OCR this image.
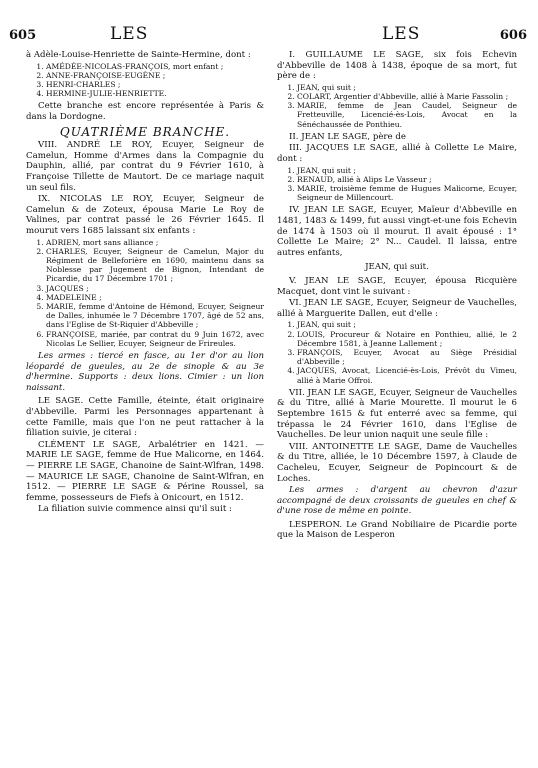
605	LES	LES	606

à Adèle-Louise-Henriette de Sainte-Hermine, dont :

1. AMÉDÉE-NICOLAS-FRANÇOIS, mort enfant ;
2. ANNE-FRANÇOISE-EUGÈNE ;
3. HENRI-CHARLES ;
4. HERMINE-JULIE-HENRIETTE.

Cette branche est encore représentée à Paris & dans la Dordogne.

QUATRIÈME BRANCHE.

VIII. ANDRÉ LE ROY, Ecuyer, Seigneur de Camelun, Homme d'Armes dans la Compagnie du Dauphin, allié, par contrat du 9 Février 1610, à Françoise Tillette de Mautort. De ce mariage naquit un seul fils.

IX. NICOLAS LE ROY, Ecuyer, Seigneur de Camelun & de Zoteux, épousa Marie Le Roy de Valines, par contrat passé le 26 Février 1645. Il mourut vers 1685 laissant six enfants :

1. ADRIEN, mort sans alliance ;
2. CHARLES, Ecuyer, Seigneur de Camelun, Major du Régiment de Belleforière en 1690, maintenu dans sa Noblesse par Jugement de Bignon, Intendant de Picardie, du 17 Décembre 1701 ;
3. JACQUES ;
4. MADELEINE ;
5. MARIE, femme d'Antoine de Hémond, Ecuyer, Seigneur de Dalles, inhumée le 7 Décembre 1707, âgé de 52 ans, dans l'Eglise de St-Riquier d'Abbeville ;
6. FRANÇOISE, mariée, par contrat du 9 Juin 1672, avec Nicolas Le Sellier, Ecuyer, Seigneur de Frireules.

Les armes : tiercé en fasce, au 1er d'or au lion léopardé de gueules, au 2e de sinople & au 3e d'hermine. Supports : deux lions. Cimier : un lion naissant.

LE SAGE. Cette Famille, éteinte, était originaire d'Abbeville. Parmi les Personnages appartenant à cette Famille, mais que l'on ne peut rattacher à la filiation suivie, je citerai :

CLÉMENT LE SAGE, Arbalétrier en 1421. — MARIE LE SAGE, femme de Hue Malicorne, en 1464. — PIERRE LE SAGE, Chanoine de Saint-Wlfran, 1498. — MAURICE LE SAGE, Chanoine de Saint-Wlfran, en 1512. — PIERRE LE SAGE & Périne Roussel, sa femme, possesseurs de Fiefs à Onicourt, en 1512.

La filiation suivie commence ainsi qu'il suit :

I. GUILLAUME LE SAGE, six fois Echevin d'Abbeville de 1408 à 1438, époque de sa mort, fut père de :

1. JEAN, qui suit ;
2. COLART, Argentier d'Abbeville, allié à Marie Fassolin ;
3. MARIE, femme de Jean Caudel, Seigneur de Fretteuville, Licencié-ès-Lois, Avocat en la Sénéchaussée de Ponthieu.

II. JEAN LE SAGE, père de

III. JACQUES LE SAGE, allié à Collette Le Maire, dont :

1. JEAN, qui suit ;
2. RENAUD, allié à Alips Le Vasseur ;
3. MARIE, troisième femme de Hugues Malicorne, Ecuyer, Seigneur de Millencourt.

IV. JEAN LE SAGE, Ecuyer, Maïeur d'Abbeville en 1481, 1483 & 1499, fut aussi vingt-et-une fois Echevin de 1474 à 1503 où il mourut. Il avait épousé : 1° Collette Le Maire; 2° N... Caudel. Il laissa, entre autres enfants,

JEAN, qui suit.

V. JEAN LE SAGE, Ecuyer, épousa Ricquière Macquet, dont vint le suivant :

VI. JEAN LE SAGE, Ecuyer, Seigneur de Vauchelles, allié à Marguerite Dallen, eut d'elle :

1. JEAN, qui suit ;
2. LOUIS, Procureur & Notaire en Ponthieu, allié, le 2 Décembre 1581, à Jeanne Lallement ;
3. FRANÇOIS, Ecuyer, Avocat au Siège Présidial d'Abbeville ;
4. JACQUES, Avocat, Licencié-ès-Lois, Prévôt du Vimeu, allié à Marie Offroi.

VII. JEAN LE SAGE, Ecuyer, Seigneur de Vauchelles & du Titre, allié à Marie Mourette. Il mourut le 6 Septembre 1615 & fut enterré avec sa femme, qui trépassa le 24 Février 1610, dans l'Eglise de Vauchelles. De leur union naquit une seule fille :

VIII. ANTOINETTE LE SAGE, Dame de Vauchelles & du Titre, alliée, le 10 Décembre 1597, à Claude de Cacheleu, Ecuyer, Seigneur de Popincourt & de Loches.

Les armes : d'argent au chevron d'azur accompagné de deux croissants de gueules en chef & d'une rose de même en pointe.

LESPERON. Le Grand Nobiliaire de Picardie porte que la Maison de Lesperon
